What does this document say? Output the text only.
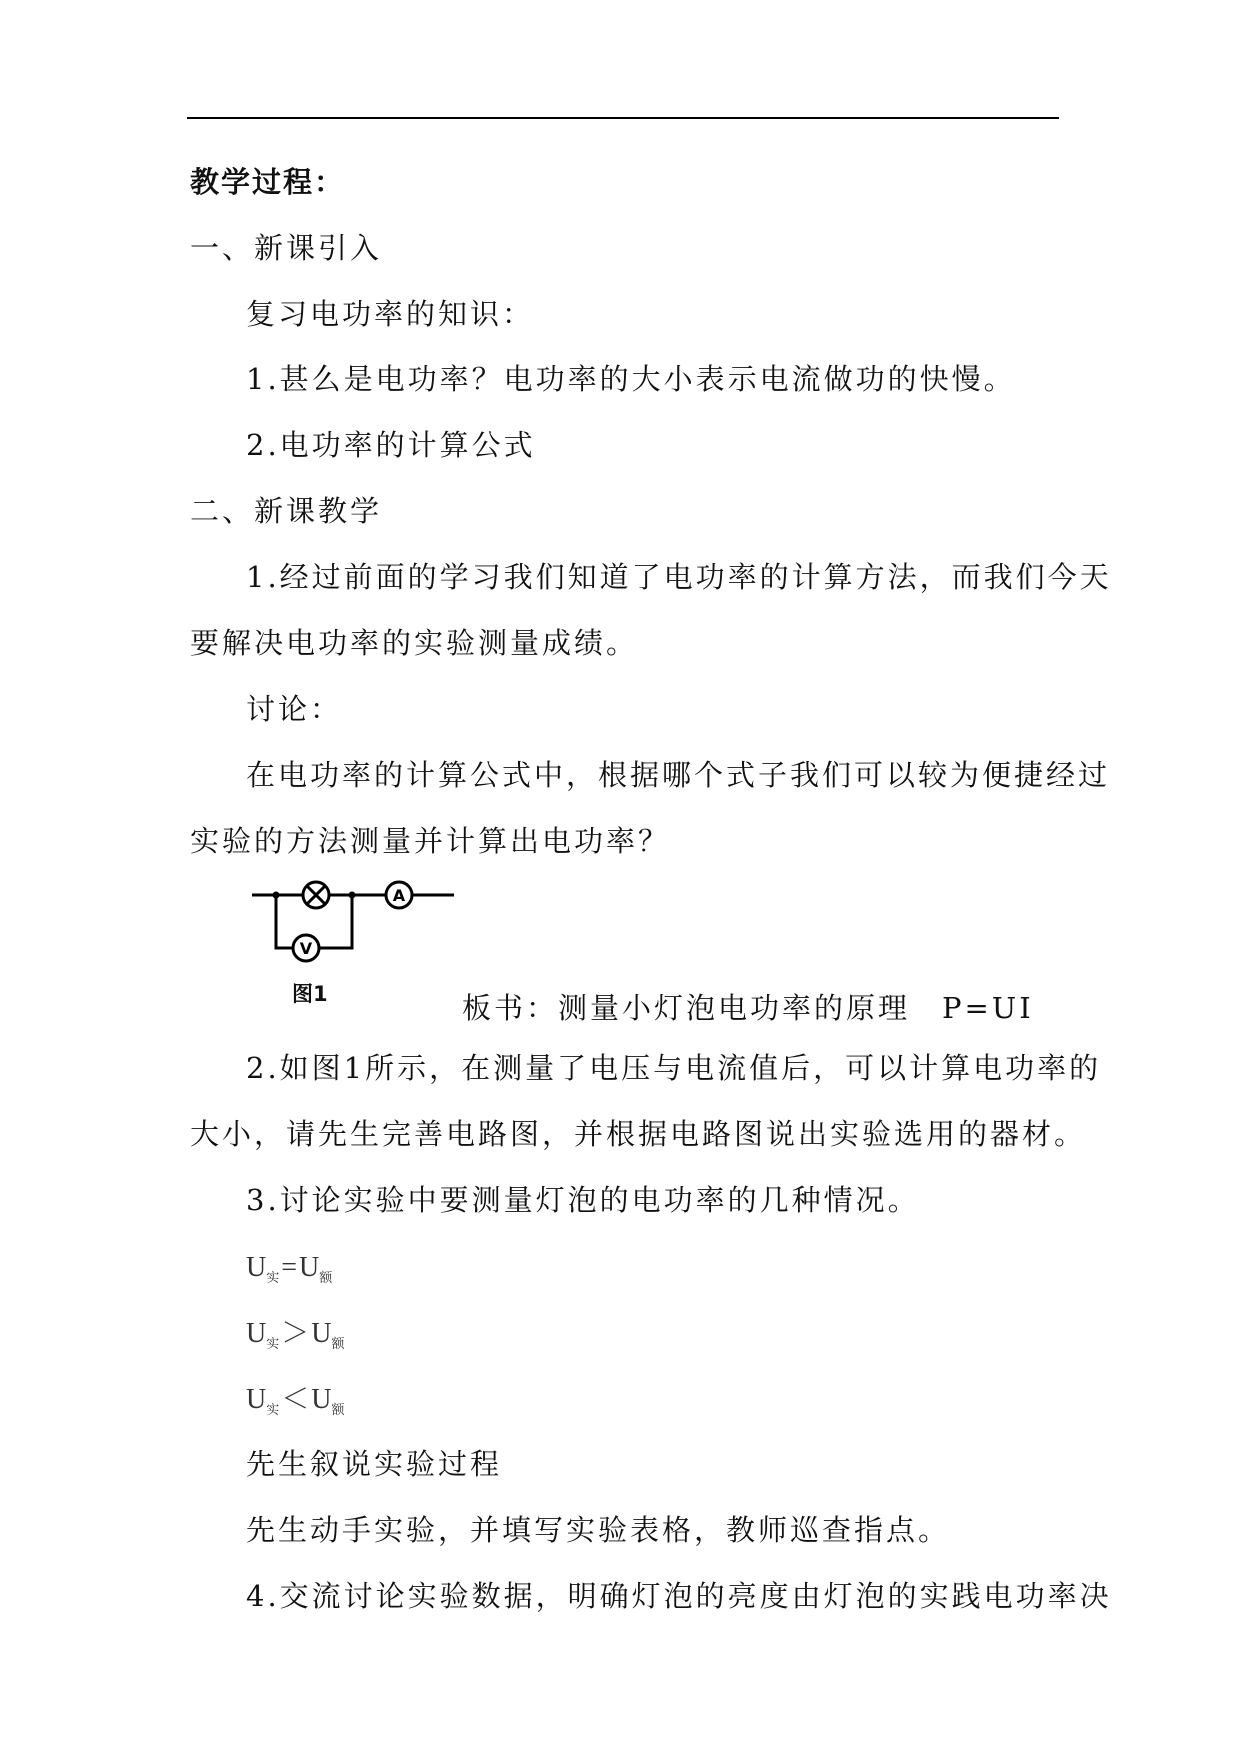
教学过程：
一、新课引入
复习电功率的知识：
1.甚么是电功率？电功率的大小表示电流做功的快慢。
2.电功率的计算公式
二、新课教学
1.经过前面的学习我们知道了电功率的计算方法，而我们今天
要解决电功率的实验测量成绩。
讨论：
在电功率的计算公式中，根据哪个式子我们可以较为便捷经过
实验的方法测量并计算出电功率？
A
V
图1	板书：测量小灯泡电功率的原理　P=UI
2.如图1所示，在测量了电压与电流值后，可以计算电功率的
大小，请先生完善电路图，并根据电路图说出实验选用的器材。
3.讨论实验中要测量灯泡的电功率的几种情况。
$U_实=U_额$
$U_实>U_额$
$U_实<U_额$
先生叙说实验过程
先生动手实验，并填写实验表格，教师巡查指点。
4.交流讨论实验数据，明确灯泡的亮度由灯泡的实践电功率决
